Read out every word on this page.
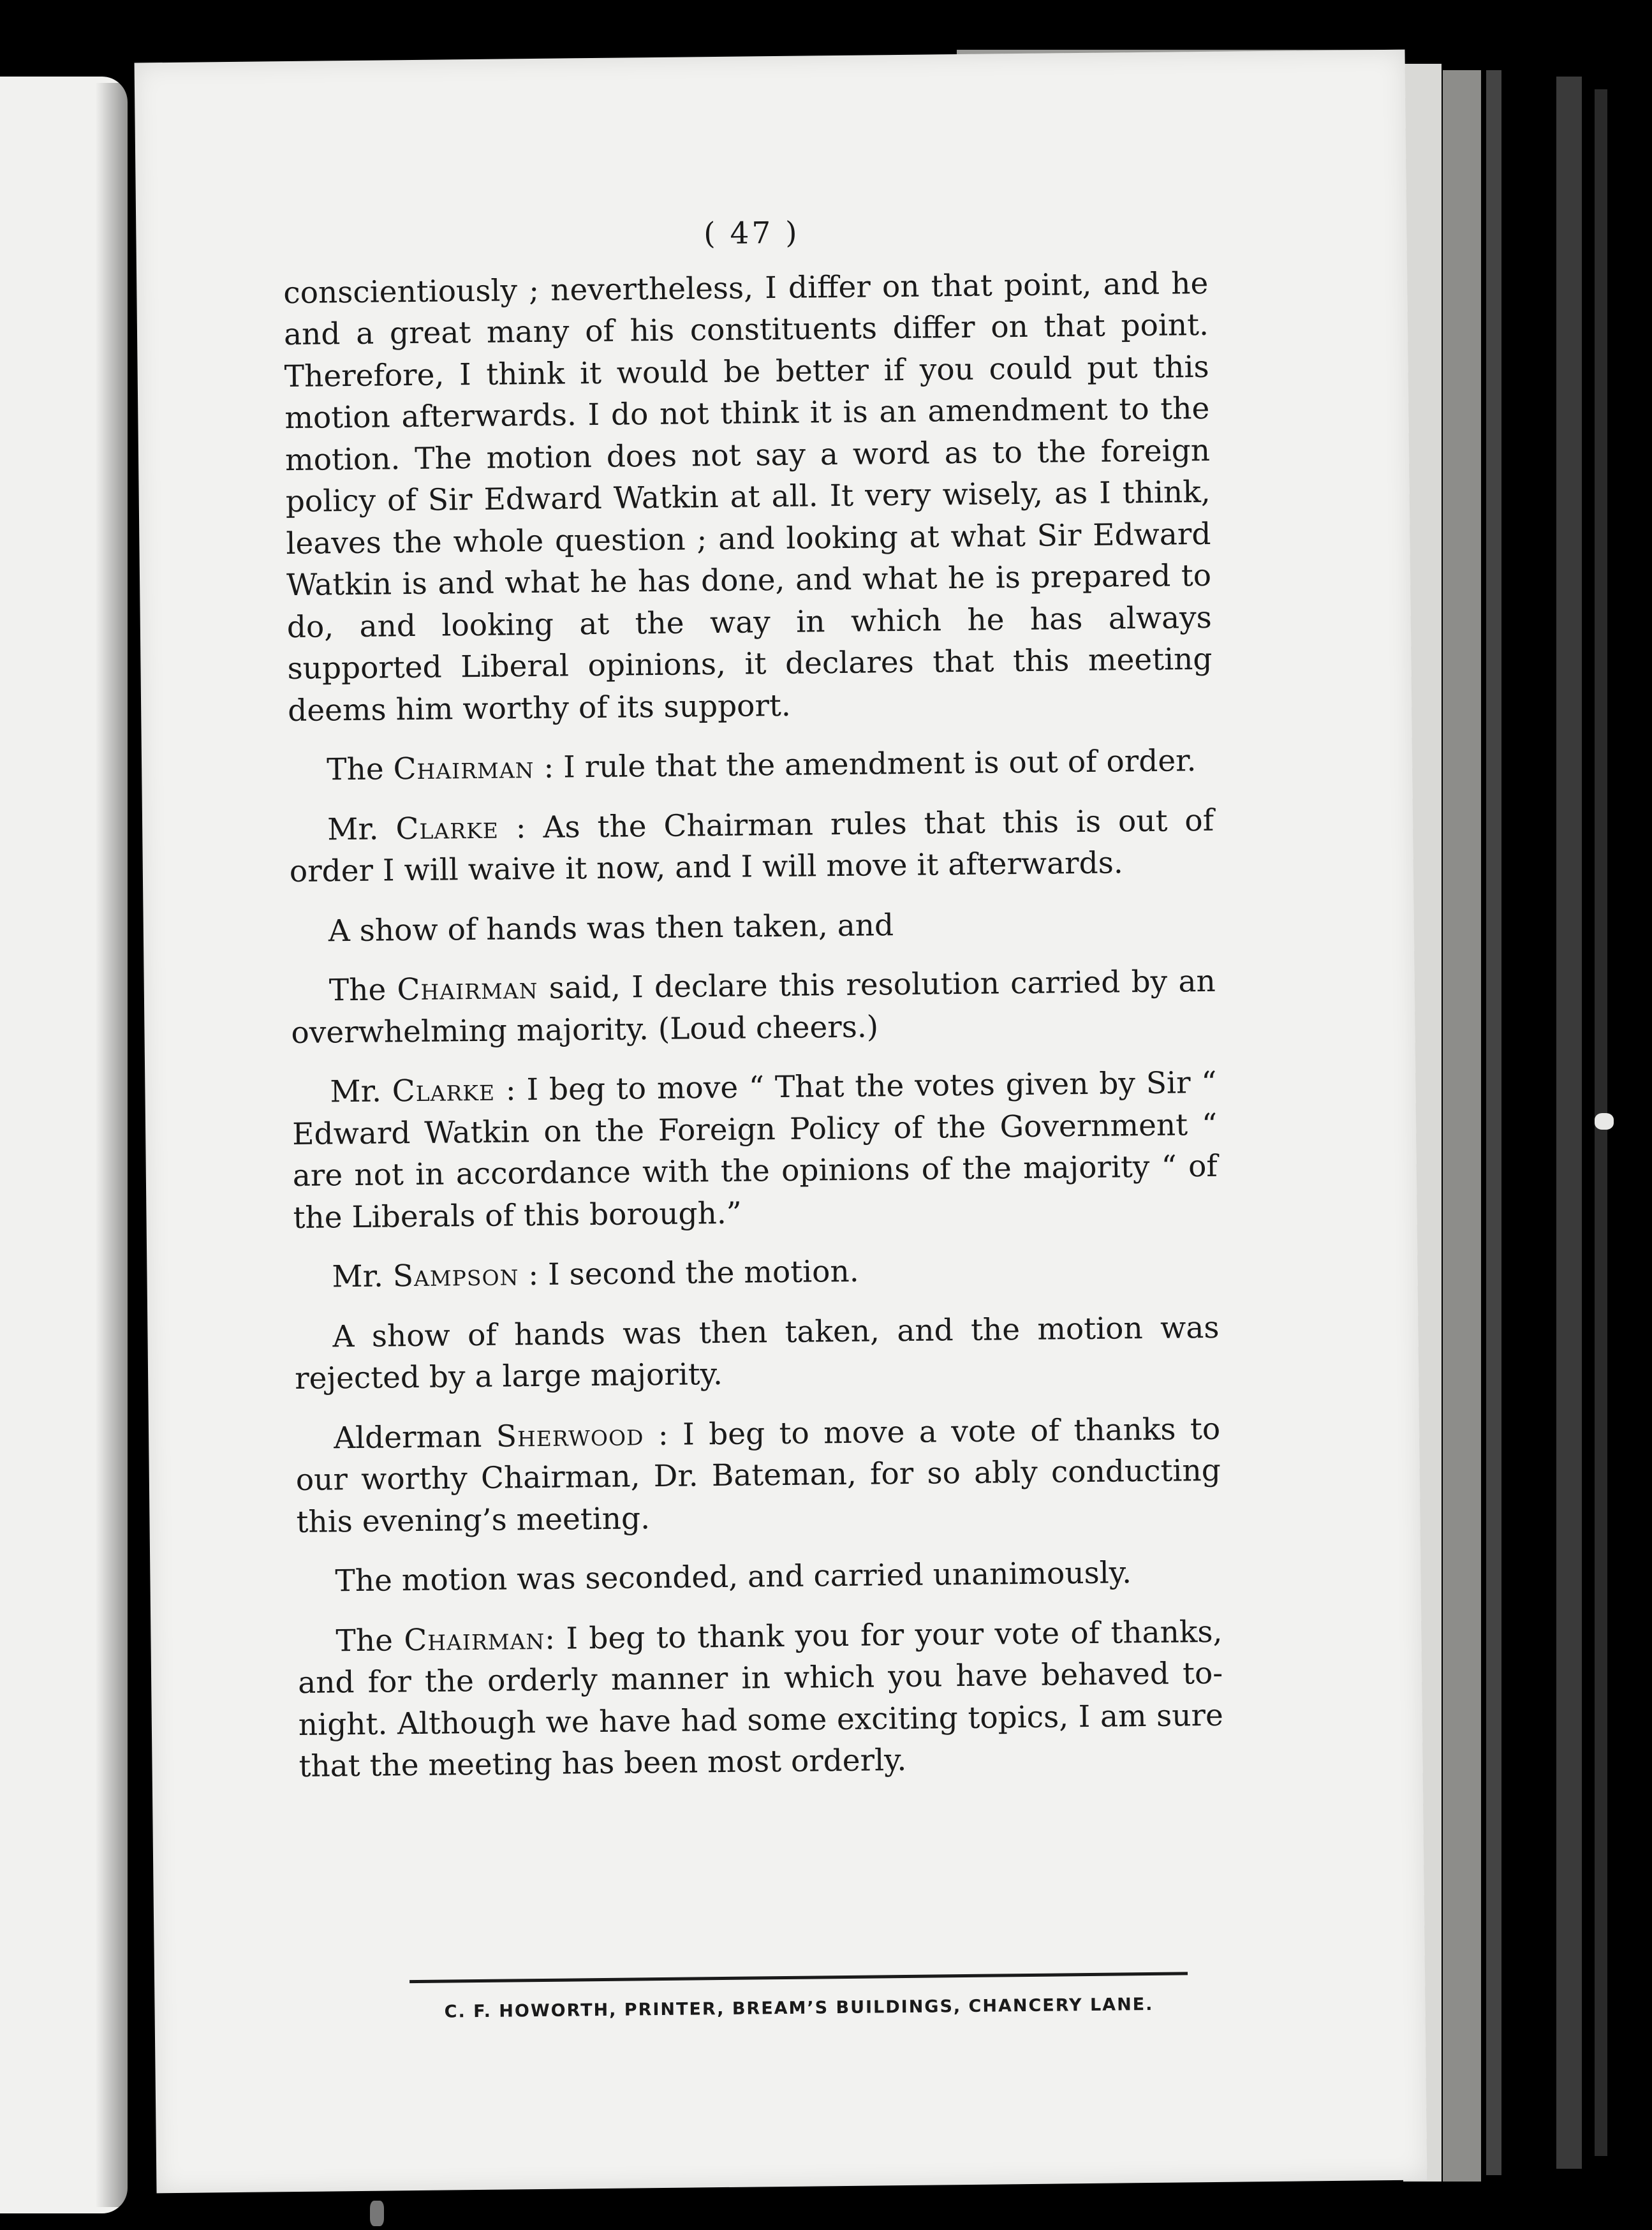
( 47 )

conscientiously ; nevertheless, I differ on that point, and he and a great many of his constituents differ on that point. Therefore, I think it would be better if you could put this motion afterwards. I do not think it is an amendment to the motion. The motion does not say a word as to the foreign policy of Sir Edward Watkin at all. It very wisely, as I think, leaves the whole question ; and looking at what Sir Edward Watkin is and what he has done, and what he is prepared to do, and looking at the way in which he has always supported Liberal opinions, it declares that this meeting deems him worthy of its support.

The Chairman : I rule that the amendment is out of order.

Mr. Clarke : As the Chairman rules that this is out of order I will waive it now, and I will move it afterwards.

A show of hands was then taken, and

The Chairman said, I declare this resolution carried by an overwhelming majority. (Loud cheers.)

Mr. Clarke : I beg to move “ That the votes given by Sir “ Edward Watkin on the Foreign Policy of the Government “ are not in accordance with the opinions of the majority “ of the Liberals of this borough.”

Mr. Sampson : I second the motion.

A show of hands was then taken, and the motion was rejected by a large majority.

Alderman Sherwood : I beg to move a vote of thanks to our worthy Chairman, Dr. Bateman, for so ably conducting this evening’s meeting.

The motion was seconded, and carried unanimously.

The Chairman: I beg to thank you for your vote of thanks, and for the orderly manner in which you have behaved to-night. Although we have had some exciting topics, I am sure that the meeting has been most orderly.

C. F. HOWORTH, PRINTER, BREAM’S BUILDINGS, CHANCERY LANE.
